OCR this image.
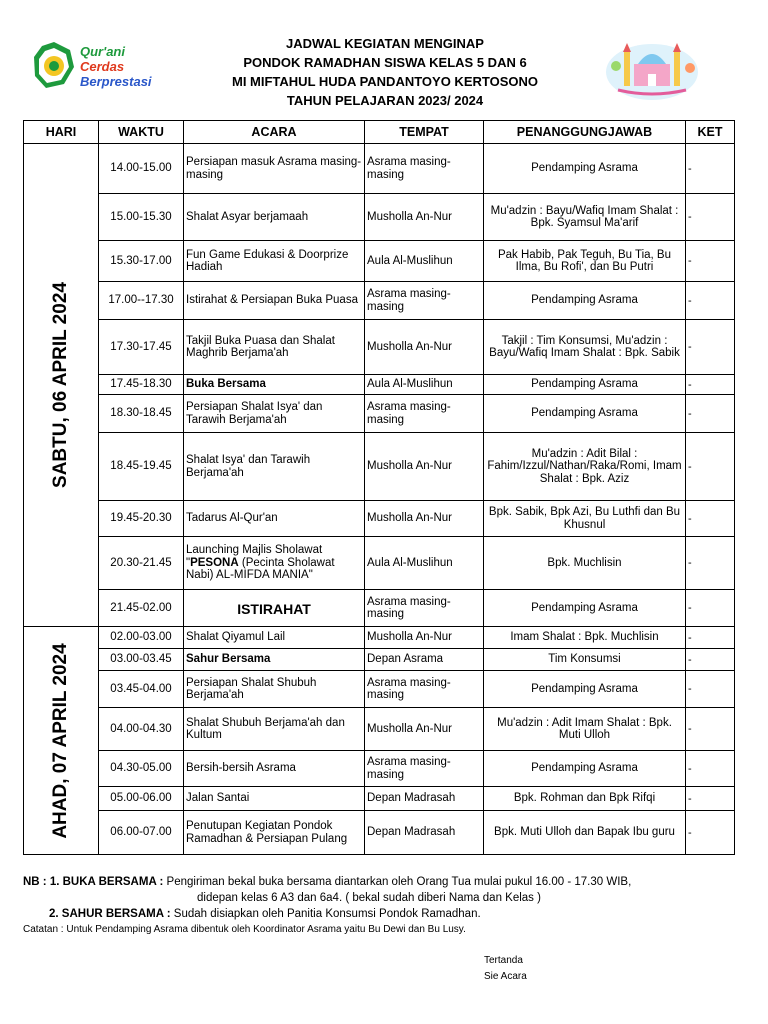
Qur'ani
Cerdas
Berprestasi
JADWAL KEGIATAN MENGINAP
PONDOK RAMADHAN SISWA KELAS 5 DAN 6
MI MIFTAHUL HUDA PANDANTOYO KERTOSONO
TAHUN PELAJARAN 2023/ 2024
HARI	WAKTU	ACARA	TEMPAT	PENANGGUNGJAWAB	KET

SABTU, 06 APRIL 2024	14.00-15.00	Persiapan masuk Asrama masing-masing	Asrama masing-masing	Pendamping Asrama	-
	15.00-15.30	Shalat Asyar berjamaah	Musholla An-Nur	Mu'adzin : Bayu/Wafiq Imam Shalat : Bpk. Syamsul Ma'arif	-
	15.30-17.00	Fun Game Edukasi & Doorprize Hadiah	Aula Al-Muslihun	Pak Habib, Pak Teguh, Bu Tia, Bu Ilma, Bu Rofi', dan Bu Putri	-
	17.00--17.30	Istirahat & Persiapan Buka Puasa	Asrama masing-masing	Pendamping Asrama	-
	17.30-17.45	Takjil Buka Puasa dan Shalat Maghrib Berjama'ah	Musholla An-Nur	Takjil : Tim Konsumsi, Mu'adzin : Bayu/Wafiq Imam Shalat : Bpk. Sabik	-
	17.45-18.30	Buka Bersama	Aula Al-Muslihun	Pendamping Asrama	-
	18.30-18.45	Persiapan Shalat Isya' dan Tarawih Berjama'ah	Asrama masing-masing	Pendamping Asrama	-
	18.45-19.45	Shalat Isya' dan Tarawih Berjama'ah	Musholla An-Nur	Mu'adzin : Adit Bilal : Fahim/Izzul/Nathan/Raka/Romi, Imam Shalat : Bpk. Aziz	-
	19.45-20.30	Tadarus Al-Qur'an	Musholla An-Nur	Bpk. Sabik, Bpk Azi, Bu Luthfi dan Bu Khusnul	-
	20.30-21.45	Launching Majlis Sholawat "PESONA (Pecinta Sholawat Nabi) AL-MIFDA MANIA"	Aula Al-Muslihun	Bpk. Muchlisin	-
	21.45-02.00	ISTIRAHAT	Asrama masing-masing	Pendamping Asrama	-

AHAD, 07 APRIL 2024	02.00-03.00	Shalat Qiyamul Lail	Musholla An-Nur	Imam Shalat : Bpk. Muchlisin	-
	03.00-03.45	Sahur Bersama	Depan Asrama	Tim Konsumsi	-
	03.45-04.00	Persiapan Shalat Shubuh Berjama'ah	Asrama masing-masing	Pendamping Asrama	-
	04.00-04.30	Shalat Shubuh Berjama'ah dan Kultum	Musholla An-Nur	Mu'adzin : Adit Imam Shalat : Bpk. Muti Ulloh	-
	04.30-05.00	Bersih-bersih Asrama	Asrama masing-masing	Pendamping Asrama	-
	05.00-06.00	Jalan Santai	Depan Madrasah	Bpk. Rohman dan Bpk Rifqi	-
	06.00-07.00	Penutupan Kegiatan Pondok Ramadhan & Persiapan Pulang	Depan Madrasah	Bpk. Muti Ulloh dan Bapak Ibu guru	-
NB : 1. BUKA BERSAMA : Pengiriman bekal buka bersama diantarkan oleh Orang Tua mulai pukul 16.00 - 17.30 WIB,
didepan kelas 6 A3 dan 6a4. ( bekal sudah diberi Nama dan Kelas )
2. SAHUR BERSAMA : Sudah disiapkan oleh Panitia Konsumsi Pondok Ramadhan.
Catatan : Untuk Pendamping Asrama dibentuk oleh Koordinator Asrama yaitu Bu Dewi dan Bu Lusy.
Tertanda
Sie Acara
